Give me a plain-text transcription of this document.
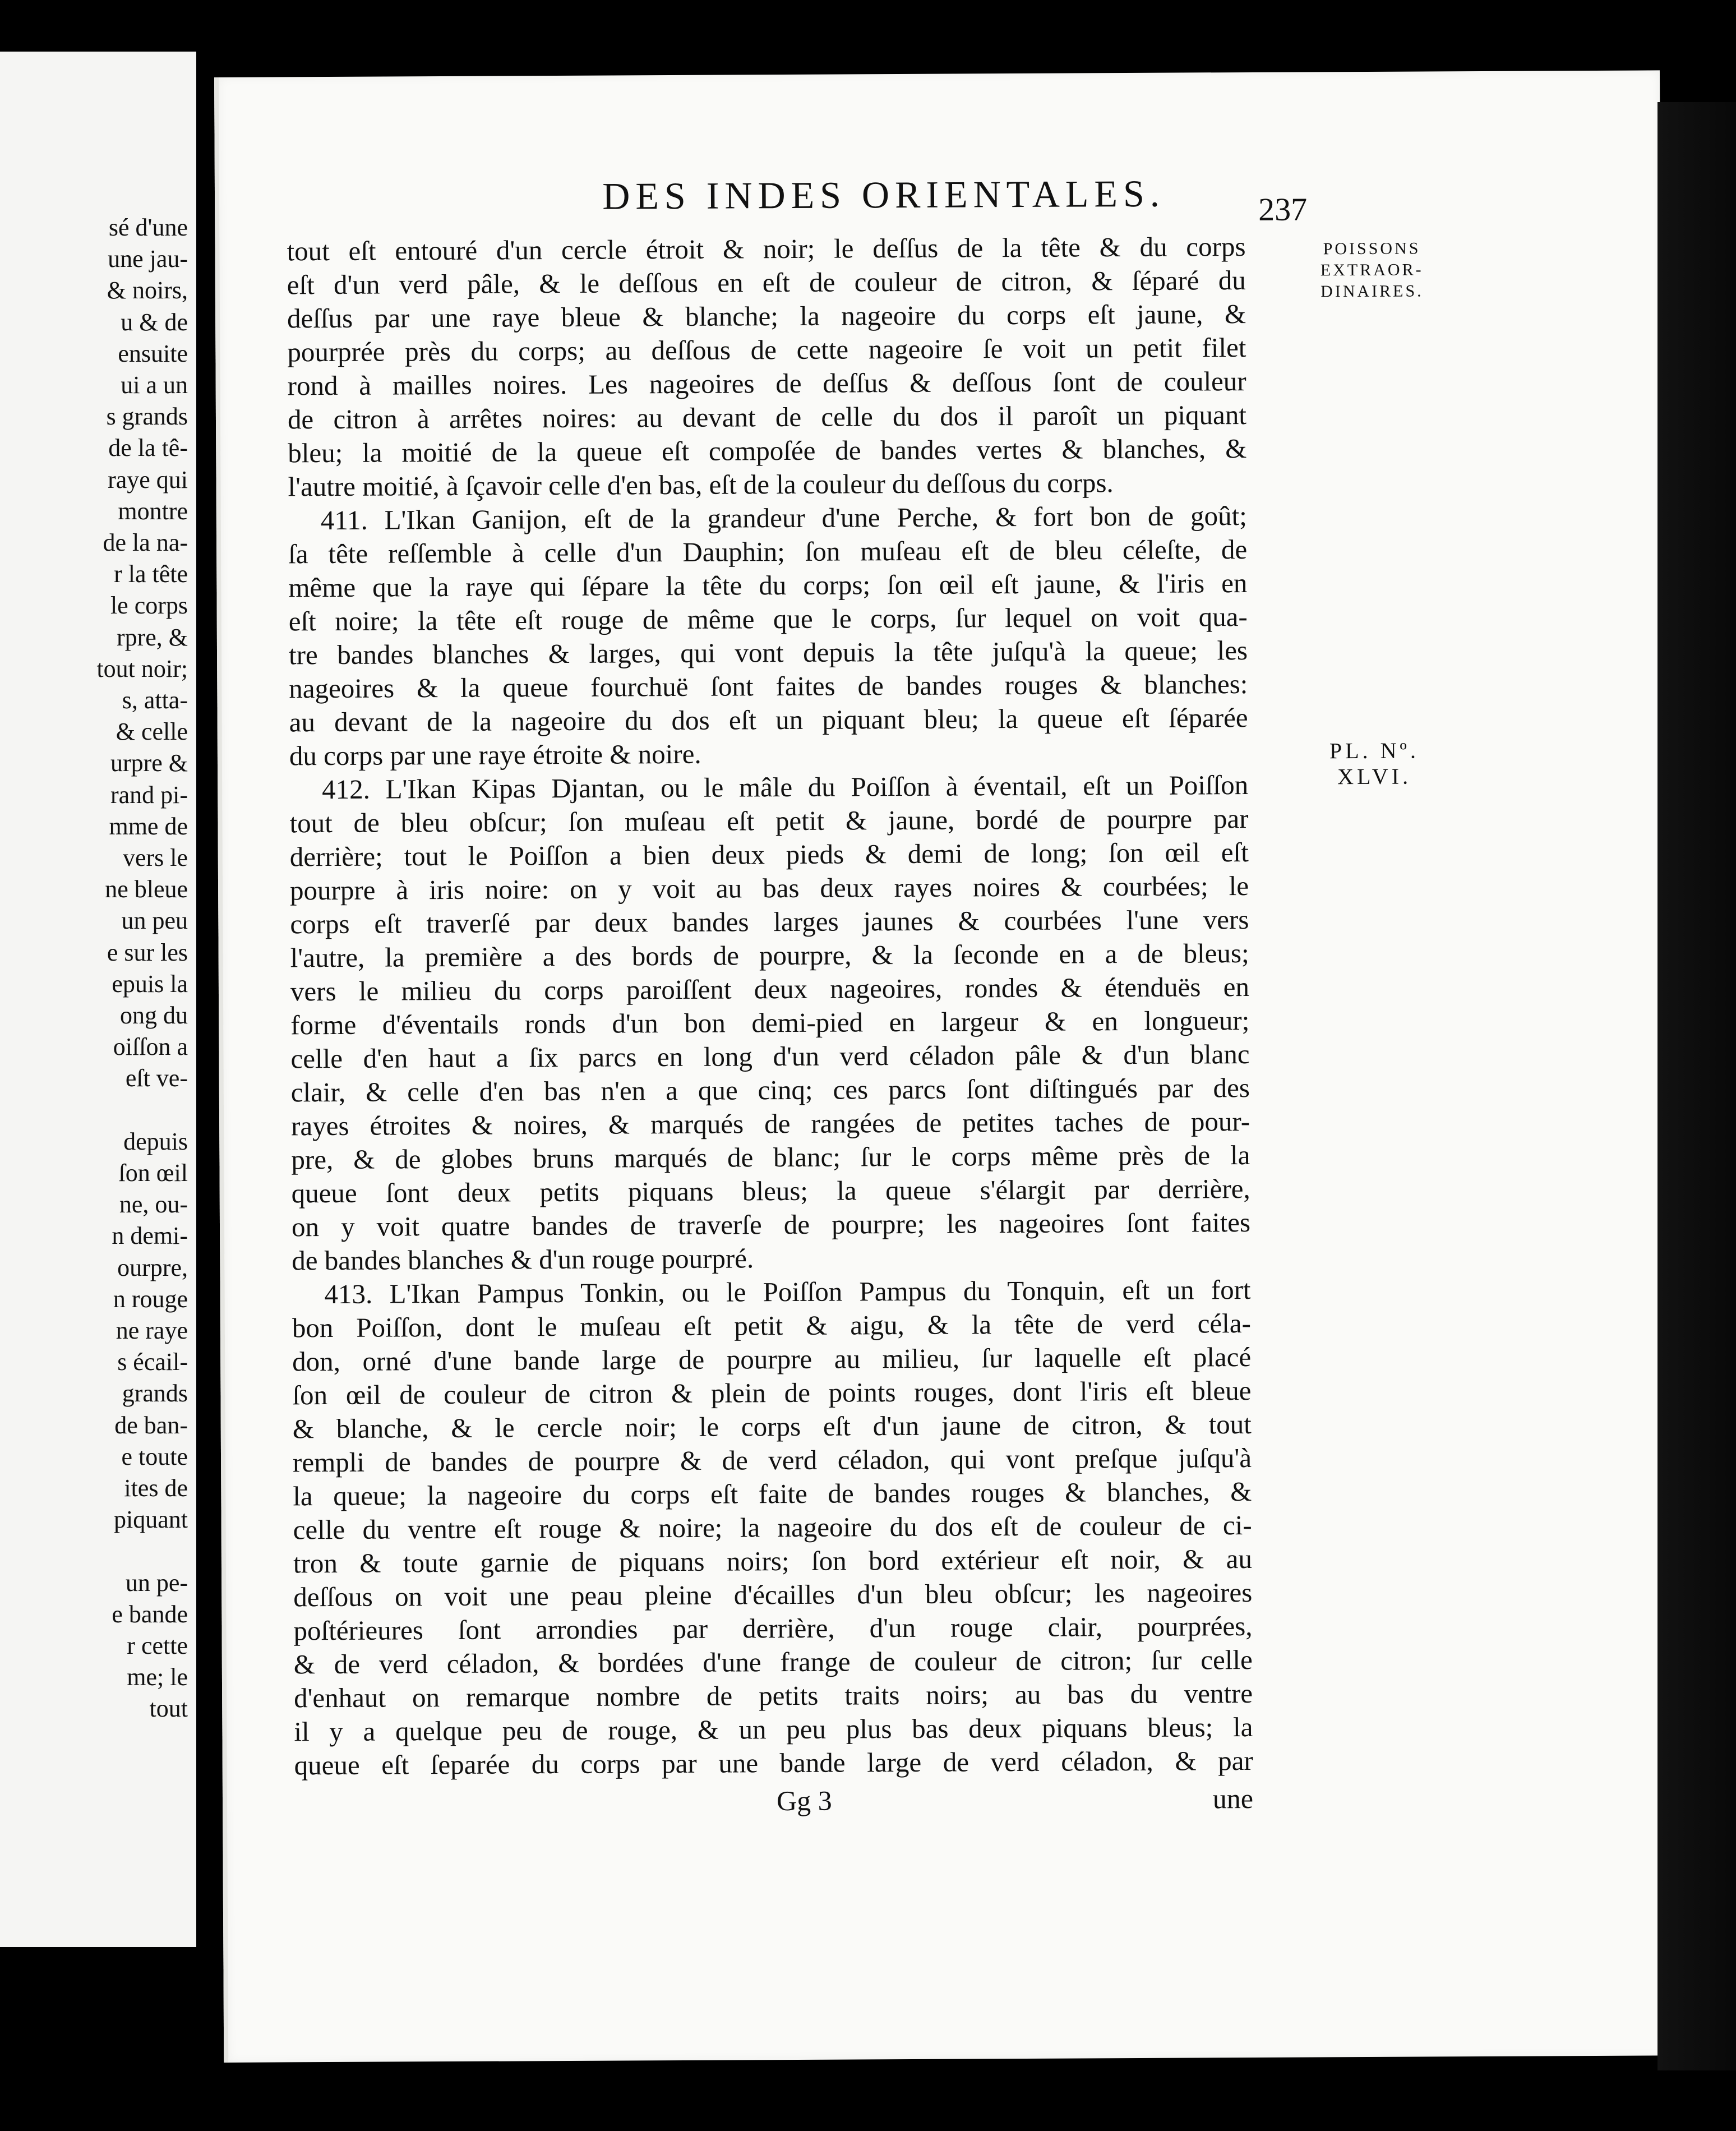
sé d'une
une jau-
& noirs,
u & de
ensuite
ui a un
s grands
de la tê-
raye qui
montre
de la na-
r la tête
le corps
rpre, &
tout noir;
s, atta-
& celle
urpre &
rand pi-
mme de
vers le
ne bleue
un peu
e sur les
epuis la
ong du
oiſſon a
eſt ve-
depuis
ſon œil
ne, ou-
n demi-
ourpre,
n rouge
ne raye
s écail-
grands
de ban-
e toute
ites de
piquant
un pe-
e bande
r cette
me; le
tout
DES INDES ORIENTALES.	237
tout eſt entouré d'un cercle étroit & noir; le deſſus de la tête & du corps
eſt d'un verd pâle, & le deſſous en eſt de couleur de citron, & ſéparé du
deſſus par une raye bleue & blanche; la nageoire du corps eſt jaune, &
pourprée près du corps; au deſſous de cette nageoire ſe voit un petit filet
rond à mailles noires. Les nageoires de deſſus & deſſous ſont de couleur
de citron à arrêtes noires: au devant de celle du dos il paroît un piquant
bleu; la moitié de la queue eſt compoſée de bandes vertes & blanches, &
l'autre moitié, à ſçavoir celle d'en bas, eſt de la couleur du deſſous du corps.
411. L'Ikan Ganijon, eſt de la grandeur d'une Perche, & fort bon de goût;
ſa tête reſſemble à celle d'un Dauphin; ſon muſeau eſt de bleu céleſte, de
même que la raye qui ſépare la tête du corps; ſon œil eſt jaune, & l'iris en
eſt noire; la tête eſt rouge de même que le corps, ſur lequel on voit qua-
tre bandes blanches & larges, qui vont depuis la tête juſqu'à la queue; les
nageoires & la queue fourchuë ſont faites de bandes rouges & blanches:
au devant de la nageoire du dos eſt un piquant bleu; la queue eſt ſéparée
du corps par une raye étroite & noire.
412. L'Ikan Kipas Djantan, ou le mâle du Poiſſon à éventail, eſt un Poiſſon
tout de bleu obſcur; ſon muſeau eſt petit & jaune, bordé de pourpre par
derrière; tout le Poiſſon a bien deux pieds & demi de long; ſon œil eſt
pourpre à iris noire: on y voit au bas deux rayes noires & courbées; le
corps eſt traverſé par deux bandes larges jaunes & courbées l'une vers
l'autre, la première a des bords de pourpre, & la ſeconde en a de bleus;
vers le milieu du corps paroiſſent deux nageoires, rondes & étenduës en
forme d'éventails ronds d'un bon demi-pied en largeur & en longueur;
celle d'en haut a ſix parcs en long d'un verd céladon pâle & d'un blanc
clair, & celle d'en bas n'en a que cinq; ces parcs ſont diſtingués par des
rayes étroites & noires, & marqués de rangées de petites taches de pour-
pre, & de globes bruns marqués de blanc; ſur le corps même près de la
queue ſont deux petits piquans bleus; la queue s'élargit par derrière,
on y voit quatre bandes de traverſe de pourpre; les nageoires ſont faites
de bandes blanches & d'un rouge pourpré.
413. L'Ikan Pampus Tonkin, ou le Poiſſon Pampus du Tonquin, eſt un fort
bon Poiſſon, dont le muſeau eſt petit & aigu, & la tête de verd céla-
don, orné d'une bande large de pourpre au milieu, ſur laquelle eſt placé
ſon œil de couleur de citron & plein de points rouges, dont l'iris eſt bleue
& blanche, & le cercle noir; le corps eſt d'un jaune de citron, & tout
rempli de bandes de pourpre & de verd céladon, qui vont preſque juſqu'à
la queue; la nageoire du corps eſt faite de bandes rouges & blanches, &
celle du ventre eſt rouge & noire; la nageoire du dos eſt de couleur de ci-
tron & toute garnie de piquans noirs; ſon bord extérieur eſt noir, & au
deſſous on voit une peau pleine d'écailles d'un bleu obſcur; les nageoires
poſtérieures ſont arrondies par derrière, d'un rouge clair, pourprées,
& de verd céladon, & bordées d'une frange de couleur de citron; ſur celle
d'enhaut on remarque nombre de petits traits noirs; au bas du ventre
il y a quelque peu de rouge, & un peu plus bas deux piquans bleus; la
queue eſt ſeparée du corps par une bande large de verd céladon, & par
Gg 3	une
POISSONS
EXTRAOR-
DINAIRES.
PL. Nº.
XLVI.
